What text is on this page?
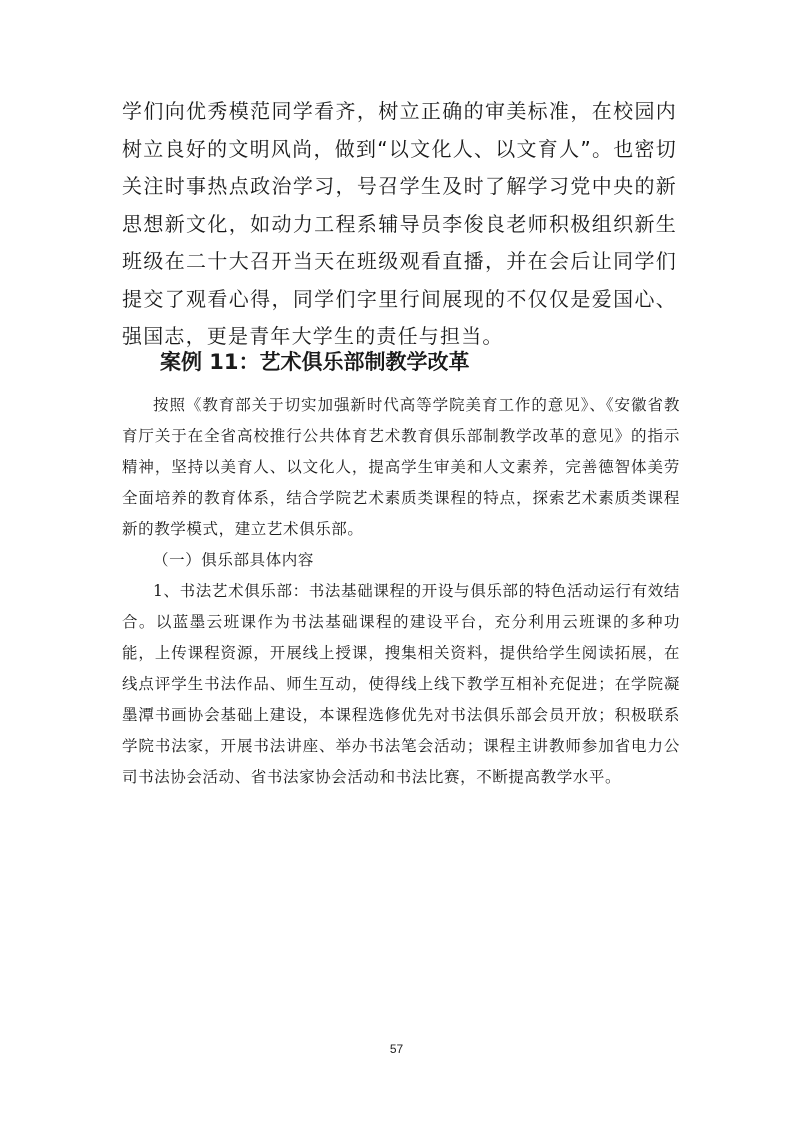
学们向优秀模范同学看齐，树立正确的审美标准，在校园内树立良好的文明风尚，做到“以文化人、以文育人”。也密切关注时事热点政治学习，号召学生及时了解学习党中央的新思想新文化，如动力工程系辅导员李俊良老师积极组织新生班级在二十大召开当天在班级观看直播，并在会后让同学们提交了观看心得，同学们字里行间展现的不仅仅是爱国心、强国志，更是青年大学生的责任与担当。

案例 11：艺术俱乐部制教学改革

按照《教育部关于切实加强新时代高等学院美育工作的意见》、《安徽省教育厅关于在全省高校推行公共体育艺术教育俱乐部制教学改革的意见》的指示精神，坚持以美育人、以文化人，提高学生审美和人文素养，完善德智体美劳全面培养的教育体系，结合学院艺术素质类课程的特点，探索艺术素质类课程新的教学模式，建立艺术俱乐部。

（一）俱乐部具体内容

1、书法艺术俱乐部：书法基础课程的开设与俱乐部的特色活动运行有效结合。以蓝墨云班课作为书法基础课程的建设平台，充分利用云班课的多种功能，上传课程资源，开展线上授课，搜集相关资料，提供给学生阅读拓展，在线点评学生书法作品、师生互动，使得线上线下教学互相补充促进；在学院凝墨潭书画协会基础上建设，本课程选修优先对书法俱乐部会员开放；积极联系学院书法家，开展书法讲座、举办书法笔会活动；课程主讲教师参加省电力公司书法协会活动、省书法家协会活动和书法比赛，不断提高教学水平。

57
